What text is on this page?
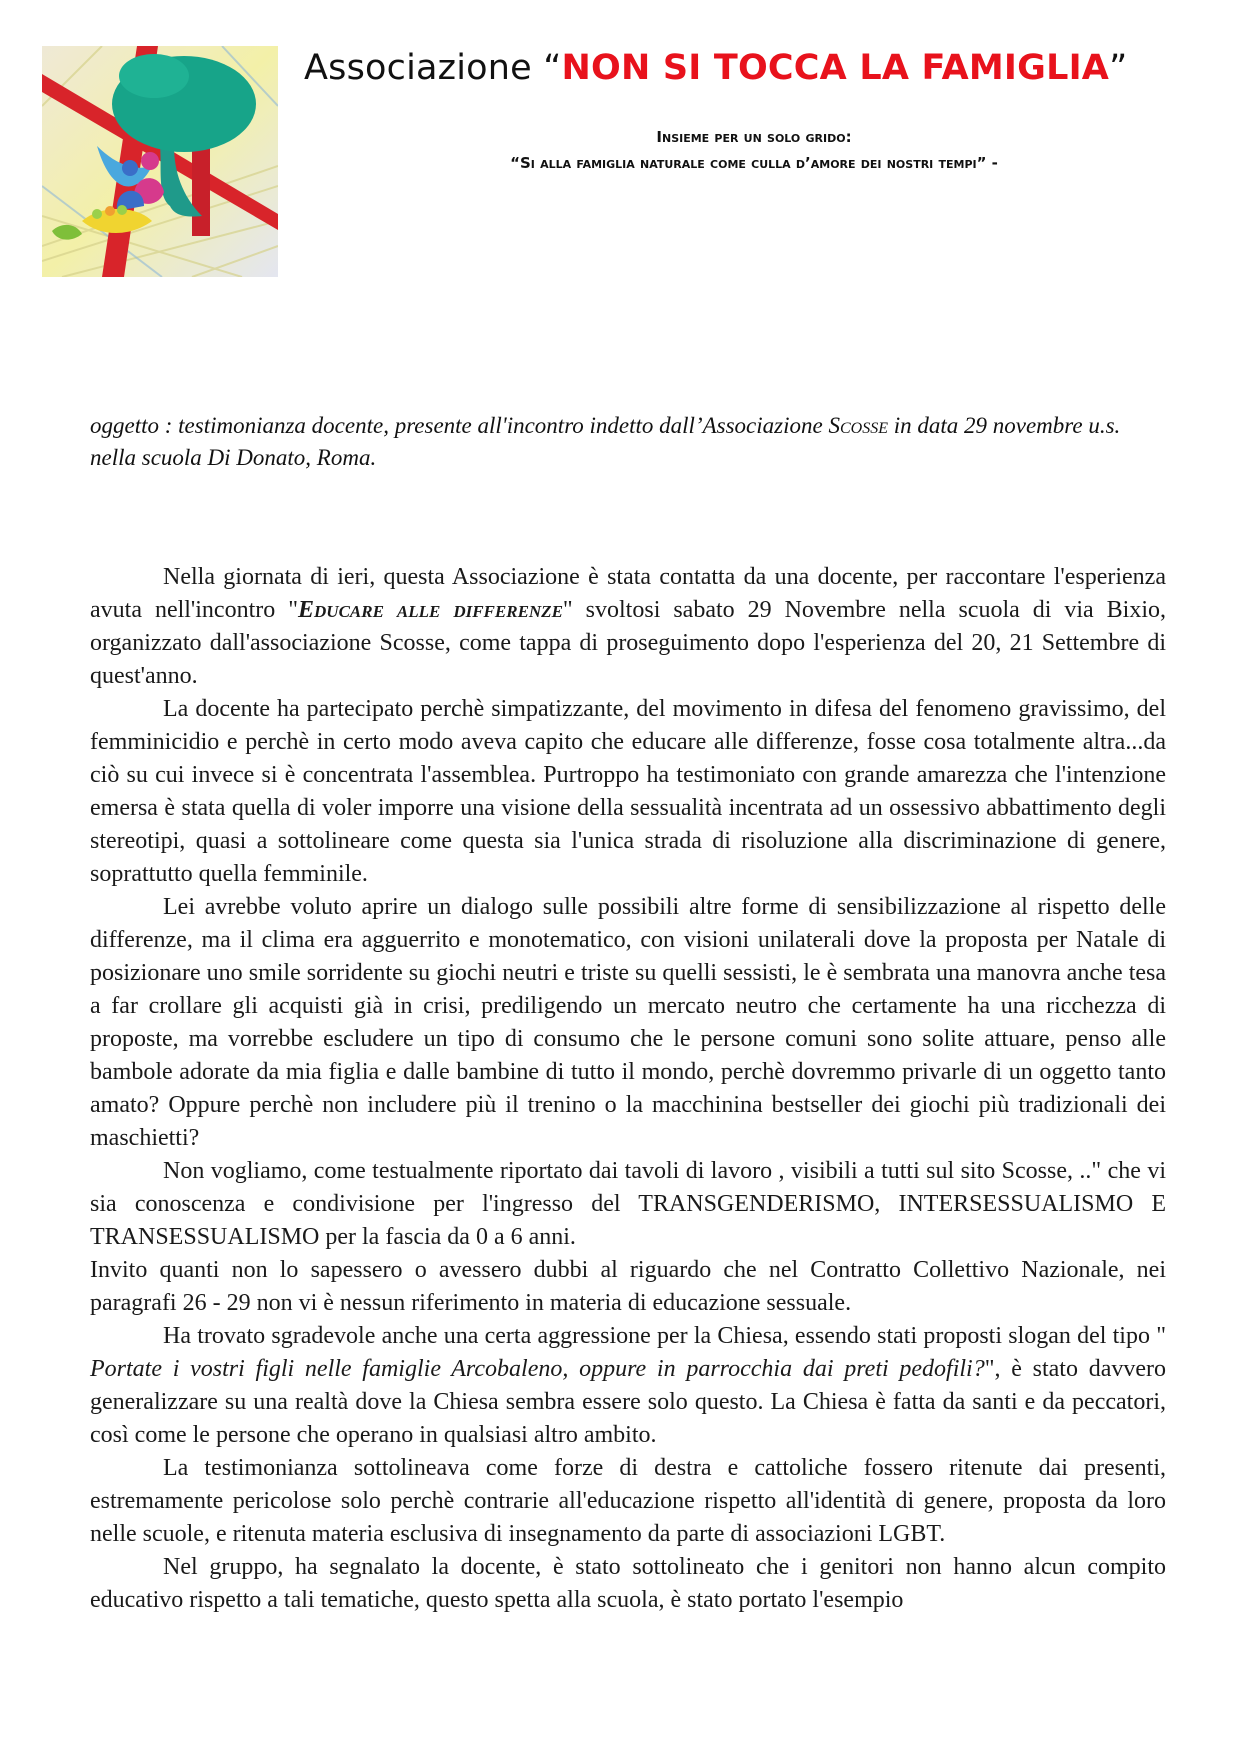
Associazione “NON SI TOCCA LA FAMIGLIA”
Insieme per un solo grido:
“Si alla famiglia naturale come culla d’amore dei nostri tempi” -
oggetto : testimonianza docente, presente all'incontro indetto dall’Associazione Scosse in data 29 novembre u.s. nella scuola Di Donato, Roma.

Nella giornata di ieri, questa Associazione è stata contatta da una docente, per raccontare l'esperienza avuta nell'incontro "Educare alle differenze" svoltosi sabato 29 Novembre nella scuola di via Bixio, organizzato dall'associazione Scosse, come tappa di proseguimento dopo l'esperienza del 20, 21 Settembre di quest'anno.

La docente ha partecipato perchè simpatizzante, del movimento in difesa del fenomeno gravissimo, del femminicidio e perchè in certo modo aveva capito che educare alle differenze, fosse cosa totalmente altra...da ciò su cui invece si è concentrata l'assemblea. Purtroppo ha testimoniato con grande amarezza che l'intenzione emersa è stata quella di voler imporre una visione della sessualità incentrata ad un ossessivo abbattimento degli stereotipi, quasi a sottolineare come questa sia l'unica strada di risoluzione alla discriminazione di genere, soprattutto quella femminile.

Lei avrebbe voluto aprire un dialogo sulle possibili altre forme di sensibilizzazione al rispetto delle differenze, ma il clima era agguerrito e monotematico, con visioni unilaterali dove la proposta per Natale di posizionare uno smile sorridente su giochi neutri e triste su quelli sessisti, le è sembrata una manovra anche tesa a far crollare gli acquisti già in crisi, prediligendo un mercato neutro che certamente ha una ricchezza di proposte, ma vorrebbe escludere un tipo di consumo che le persone comuni sono solite attuare, penso alle bambole adorate da mia figlia e dalle bambine di tutto il mondo, perchè dovremmo privarle di un oggetto tanto amato? Oppure perchè non includere più il trenino o la macchinina bestseller dei giochi più tradizionali dei maschietti?

Non vogliamo, come testualmente riportato dai tavoli di lavoro , visibili a tutti sul sito Scosse, .." che vi sia conoscenza e condivisione per l'ingresso del TRANSGENDERISMO, INTERSESSUALISMO E TRANSESSUALISMO per la fascia da 0 a 6 anni.

Invito quanti non lo sapessero o avessero dubbi al riguardo che nel Contratto Collettivo Nazionale, nei paragrafi 26 - 29 non vi è nessun riferimento in materia di educazione sessuale.

Ha trovato sgradevole anche una certa aggressione per la Chiesa, essendo stati proposti slogan del tipo " Portate i vostri figli nelle famiglie Arcobaleno, oppure in parrocchia dai preti pedofili?", è stato davvero generalizzare su una realtà dove la Chiesa sembra essere solo questo. La Chiesa è fatta da santi e da peccatori, così come le persone che operano in qualsiasi altro ambito.

La testimonianza sottolineava come forze di destra e cattoliche fossero ritenute dai presenti, estremamente pericolose solo perchè contrarie all'educazione rispetto all'identità di genere, proposta da loro nelle scuole, e ritenuta materia esclusiva di insegnamento da parte di associazioni LGBT.

Nel gruppo, ha segnalato la docente, è stato sottolineato che i genitori non hanno alcun compito educativo rispetto a tali tematiche, questo spetta alla scuola, è stato portato l'esempio
